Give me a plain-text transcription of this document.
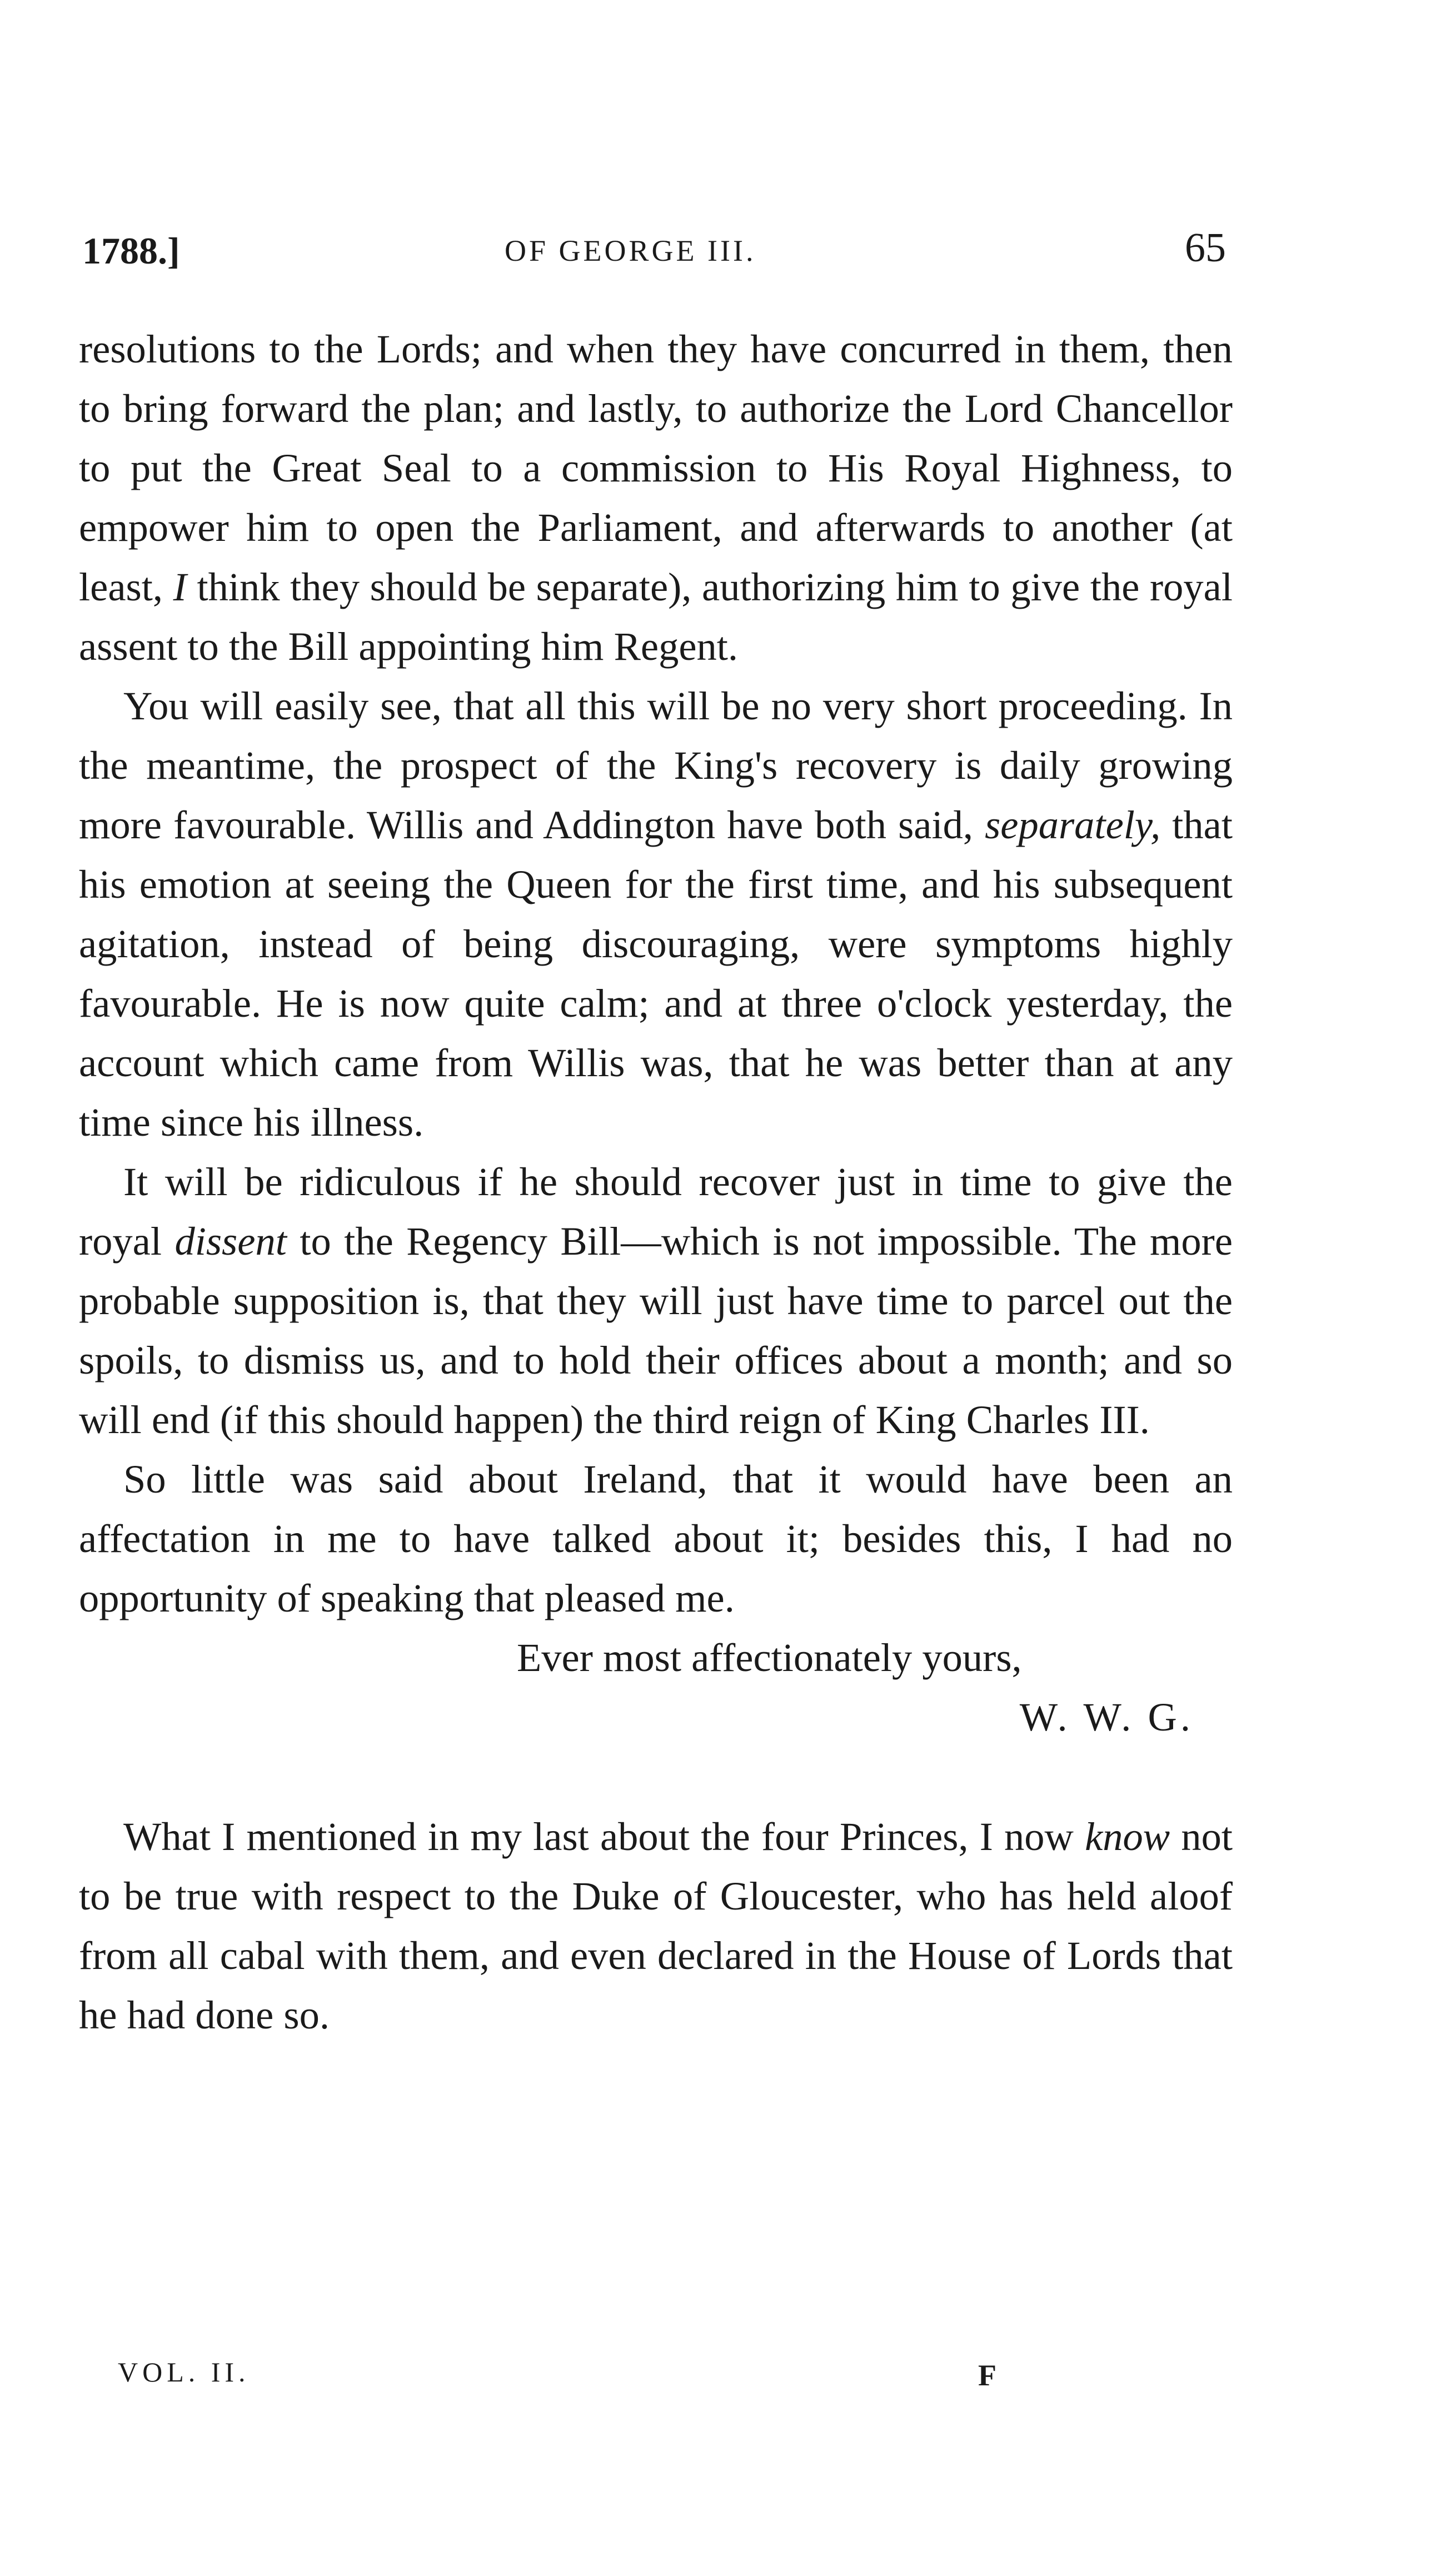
1788.]	OF GEORGE III.	65

resolutions to the Lords; and when they have concurred in them, then to bring forward the plan; and lastly, to authorize the Lord Chancellor to put the Great Seal to a commission to His Royal Highness, to empower him to open the Parliament, and afterwards to another (at least, I think they should be separate), authorizing him to give the royal assent to the Bill appointing him Regent.

You will easily see, that all this will be no very short proceeding. In the meantime, the prospect of the King's recovery is daily growing more favourable. Willis and Addington have both said, separately, that his emotion at seeing the Queen for the first time, and his subsequent agitation, instead of being discouraging, were symptoms highly favourable. He is now quite calm; and at three o'clock yesterday, the account which came from Willis was, that he was better than at any time since his illness.

It will be ridiculous if he should recover just in time to give the royal dissent to the Regency Bill—which is not impossible. The more probable supposition is, that they will just have time to parcel out the spoils, to dismiss us, and to hold their offices about a month; and so will end (if this should happen) the third reign of King Charles III.

So little was said about Ireland, that it would have been an affectation in me to have talked about it; besides this, I had no opportunity of speaking that pleased me.

Ever most affectionately yours,

W. W. G.

What I mentioned in my last about the four Princes, I now know not to be true with respect to the Duke of Gloucester, who has held aloof from all cabal with them, and even declared in the House of Lords that he had done so.

VOL. II.	F
